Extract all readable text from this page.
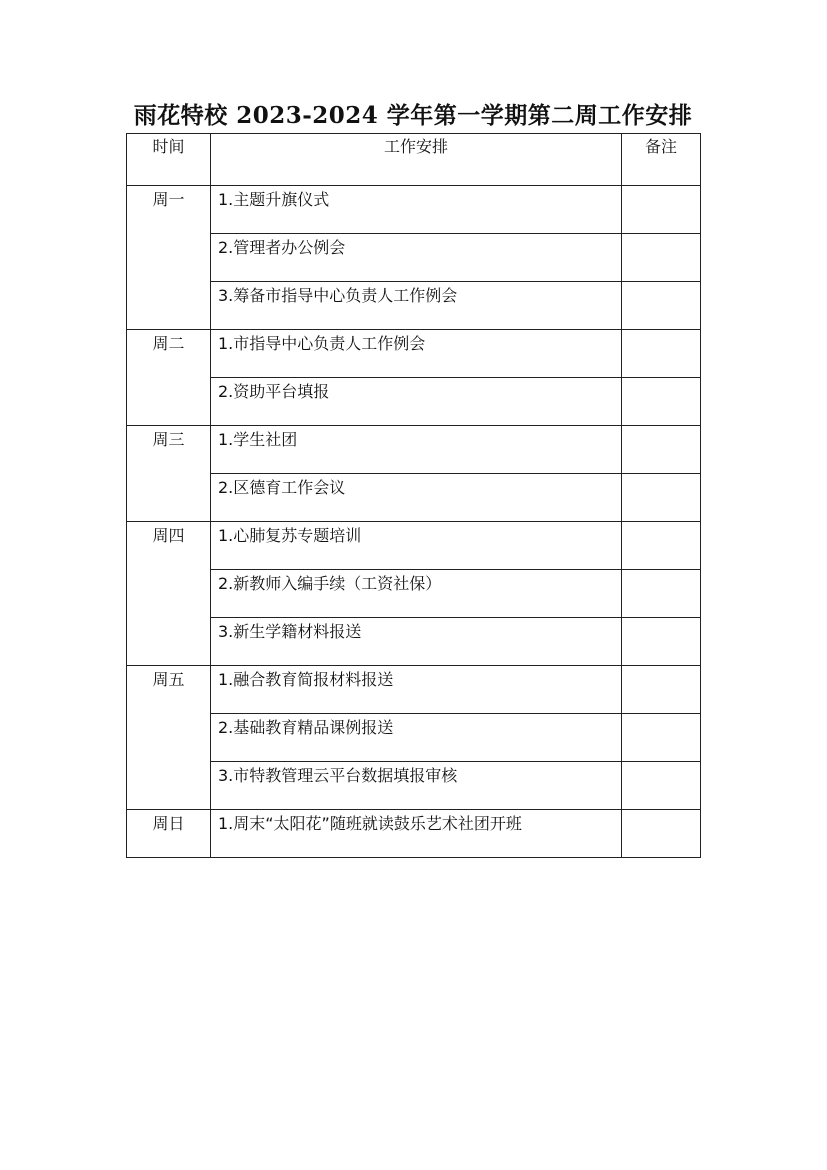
雨花特校 2023-2024 学年第一学期第二周工作安排
时间	工作安排	备注
周一	1.主题升旗仪式	
	2.管理者办公例会	
	3.筹备市指导中心负责人工作例会	
周二	1.市指导中心负责人工作例会	
	2.资助平台填报	
周三	1.学生社团	
	2.区德育工作会议	
周四	1.心肺复苏专题培训	
	2.新教师入编手续（工资社保）	
	3.新生学籍材料报送	
周五	1.融合教育简报材料报送	
	2.基础教育精品课例报送	
	3.市特教管理云平台数据填报审核	
周日	1.周末“太阳花”随班就读鼓乐艺术社团开班	
